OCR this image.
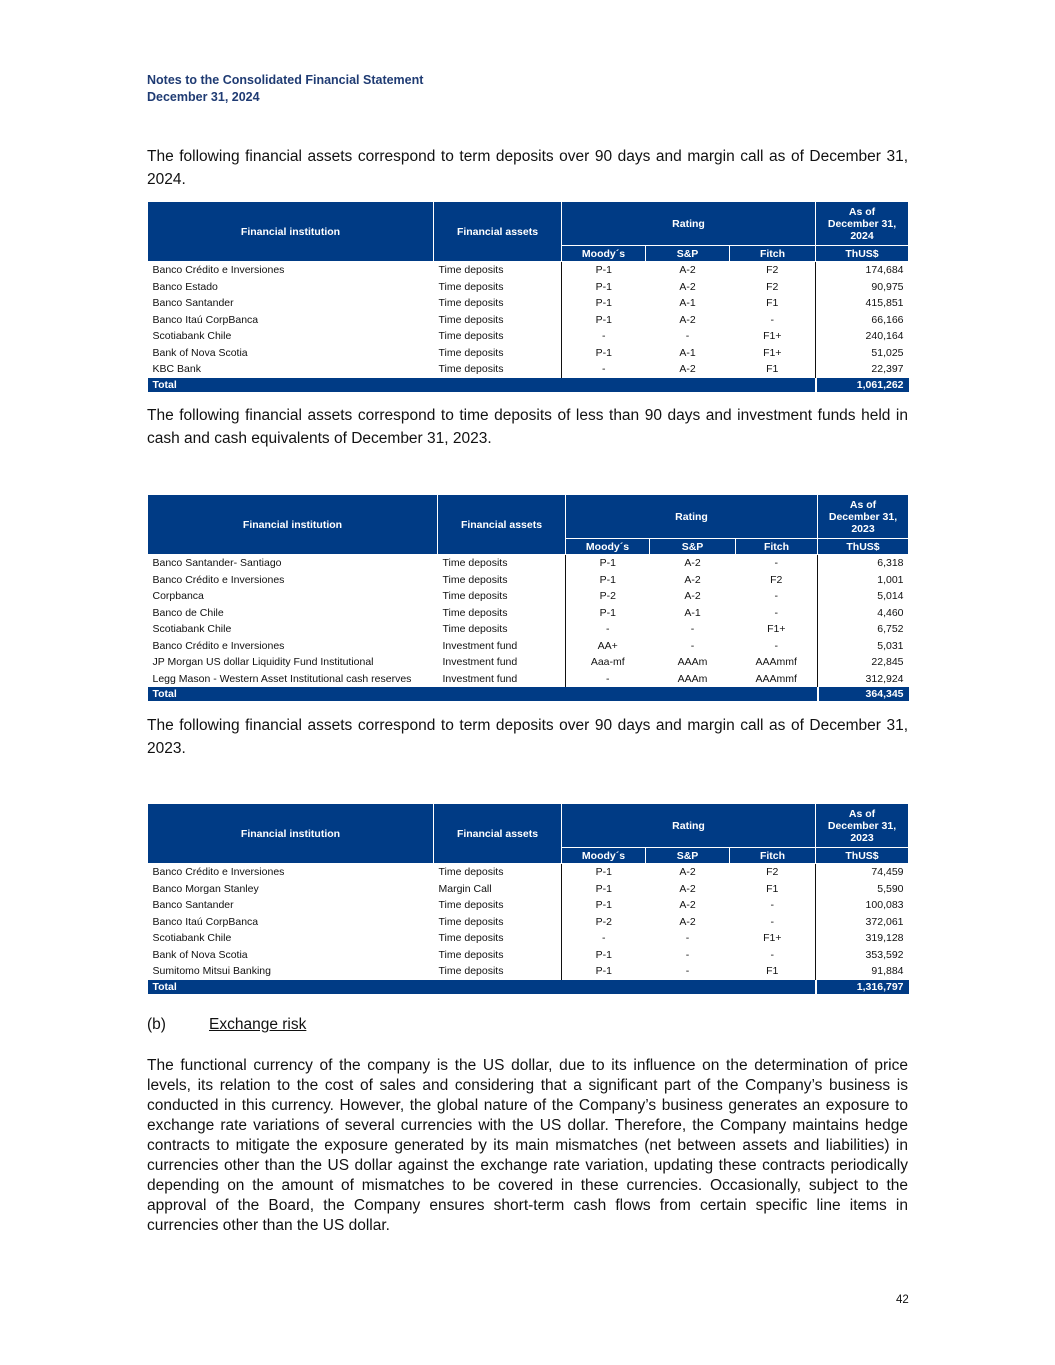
Notes to the Consolidated Financial Statement
December 31, 2024

The following financial assets correspond to term deposits over 90 days and margin call as of December 31, 2024.

Financial institution	Financial assets	Rating			As of December 31, 2024
		Moody´s	S&P	Fitch	ThUS$
Banco Crédito e Inversiones	Time deposits	P-1	A-2	F2	174,684
Banco Estado	Time deposits	P-1	A-2	F2	90,975
Banco Santander	Time deposits	P-1	A-1	F1	415,851
Banco Itaú CorpBanca	Time deposits	P-1	A-2	-	66,166
Scotiabank Chile	Time deposits	-	-	F1+	240,164
Bank of Nova Scotia	Time deposits	P-1	A-1	F1+	51,025
KBC Bank	Time deposits	-	A-2	F1	22,397
Total					1,061,262

The following financial assets correspond to time deposits of less than 90 days and investment funds held in cash and cash equivalents of December 31, 2023.

Financial institution	Financial assets	Rating			As of December 31, 2023
		Moody´s	S&P	Fitch	ThUS$
Banco Santander- Santiago	Time deposits	P-1	A-2	-	6,318
Banco Crédito e Inversiones	Time deposits	P-1	A-2	F2	1,001
Corpbanca	Time deposits	P-2	A-2	-	5,014
Banco de Chile	Time deposits	P-1	A-1	-	4,460
Scotiabank Chile	Time deposits	-	-	F1+	6,752
Banco Crédito e Inversiones	Investment fund	AA+	-	-	5,031
JP Morgan US dollar Liquidity Fund Institutional	Investment fund	Aaa-mf	AAAm	AAAmmf	22,845
Legg Mason - Western Asset Institutional cash reserves	Investment fund	-	AAAm	AAAmmf	312,924
Total					364,345

The following financial assets correspond to term deposits over 90 days and margin call as of December 31, 2023.

Financial institution	Financial assets	Rating			As of December 31, 2023
		Moody´s	S&P	Fitch	ThUS$
Banco Crédito e Inversiones	Time deposits	P-1	A-2	F2	74,459
Banco Morgan Stanley	Margin Call	P-1	A-2	F1	5,590
Banco Santander	Time deposits	P-1	A-2	-	100,083
Banco Itaú CorpBanca	Time deposits	P-2	A-2	-	372,061
Scotiabank Chile	Time deposits	-	-	F1+	319,128
Bank of Nova Scotia	Time deposits	P-1	-	-	353,592
Sumitomo Mitsui Banking	Time deposits	P-1	-	F1	91,884
Total					1,316,797
(b)	Exchange risk

The functional currency of the company is the US dollar, due to its influence on the determination of price levels, its relation to the cost of sales and considering that a significant part of the Company’s business is conducted in this currency. However, the global nature of the Company’s business generates an exposure to exchange rate variations of several currencies with the US dollar. Therefore, the Company maintains hedge contracts to mitigate the exposure generated by its main mismatches (net between assets and liabilities) in currencies other than the US dollar against the exchange rate variation, updating these contracts periodically depending on the amount of mismatches to be covered in these currencies. Occasionally, subject to the approval of the Board, the Company ensures short-term cash flows from certain specific line items in currencies other than the US dollar.

42
